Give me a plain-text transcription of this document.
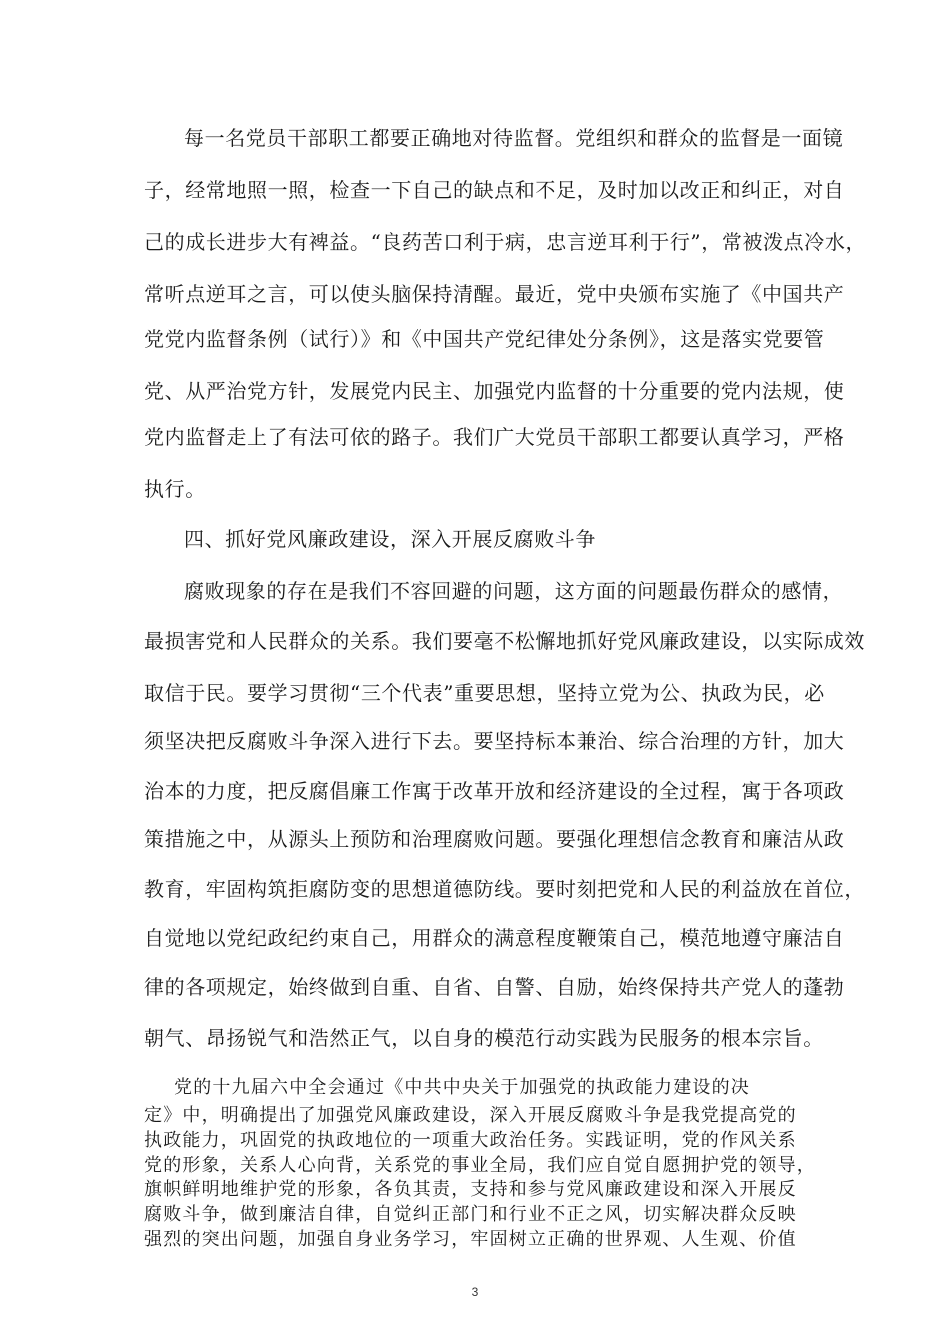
每一名党员干部职工都要正确地对待监督。党组织和群众的监督是一面镜
子，经常地照一照，检查一下自己的缺点和不足，及时加以改正和纠正，对自
己的成长进步大有裨益。“良药苦口利于病，忠言逆耳利于行”，常被泼点冷水，
常听点逆耳之言，可以使头脑保持清醒。最近，党中央颁布实施了《中国共产
党党内监督条例（试行）》和《中国共产党纪律处分条例》，这是落实党要管
党、从严治党方针，发展党内民主、加强党内监督的十分重要的党内法规，使
党内监督走上了有法可依的路子。我们广大党员干部职工都要认真学习，严格
执行。
四、抓好党风廉政建设，深入开展反腐败斗争
腐败现象的存在是我们不容回避的问题，这方面的问题最伤群众的感情，
最损害党和人民群众的关系。我们要毫不松懈地抓好党风廉政建设，以实际成效
取信于民。要学习贯彻“三个代表”重要思想，坚持立党为公、执政为民，必
须坚决把反腐败斗争深入进行下去。要坚持标本兼治、综合治理的方针，加大
治本的力度，把反腐倡廉工作寓于改革开放和经济建设的全过程，寓于各项政
策措施之中，从源头上预防和治理腐败问题。要强化理想信念教育和廉洁从政
教育，牢固构筑拒腐防变的思想道德防线。要时刻把党和人民的利益放在首位，
自觉地以党纪政纪约束自己，用群众的满意程度鞭策自己，模范地遵守廉洁自
律的各项规定，始终做到自重、自省、自警、自励，始终保持共产党人的蓬勃
朝气、昂扬锐气和浩然正气，以自身的模范行动实践为民服务的根本宗旨。
党的十九届六中全会通过《中共中央关于加强党的执政能力建设的决
定》中，明确提出了加强党风廉政建设，深入开展反腐败斗争是我党提高党的
执政能力，巩固党的执政地位的一项重大政治任务。实践证明，党的作风关系
党的形象，关系人心向背，关系党的事业全局，我们应自觉自愿拥护党的领导，
旗帜鲜明地维护党的形象，各负其责，支持和参与党风廉政建设和深入开展反
腐败斗争，做到廉洁自律，自觉纠正部门和行业不正之风，切实解决群众反映
强烈的突出问题，加强自身业务学习，牢固树立正确的世界观、人生观、价值
3
